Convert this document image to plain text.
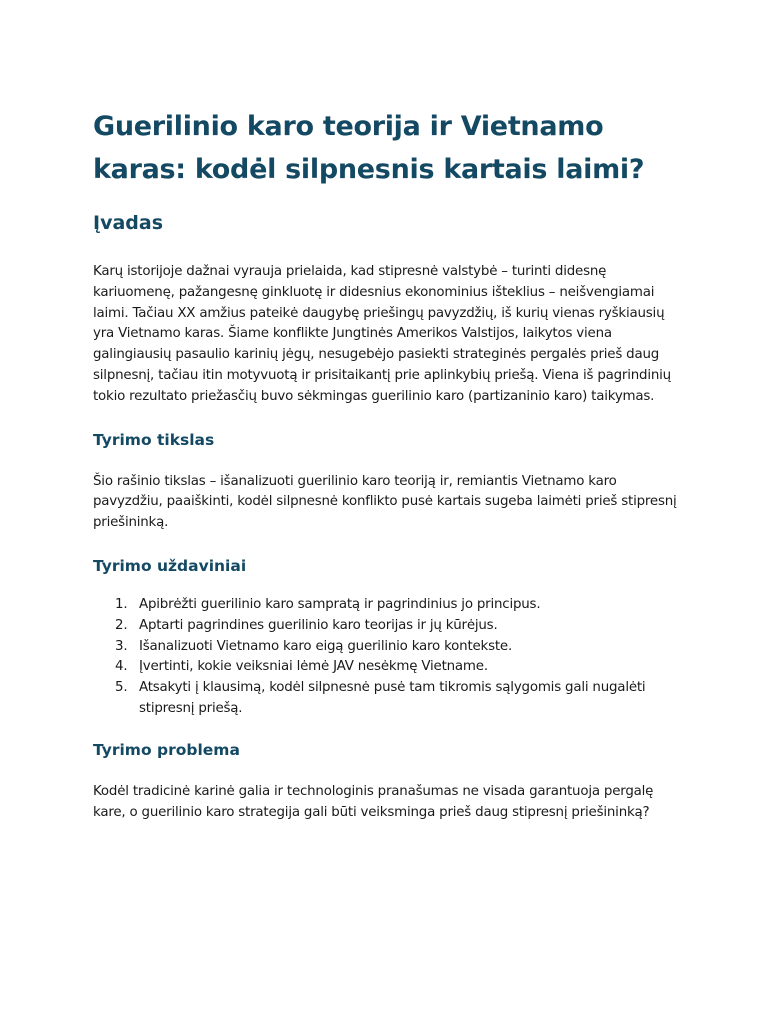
Guerilinio karo teorija ir Vietnamo karas: kodėl silpnesnis kartais laimi?
Įvadas

Karų istorijoje dažnai vyrauja prielaida, kad stipresnė valstybė – turinti didesnę kariuomenę, pažangesnę ginkluotę ir didesnius ekonominius išteklius – neišvengiamai laimi. Tačiau XX amžius pateikė daugybę priešingų pavyzdžių, iš kurių vienas ryškiausių yra Vietnamo karas. Šiame konflikte Jungtinės Amerikos Valstijos, laikytos viena galingiausių pasaulio karinių jėgų, nesugebėjo pasiekti strateginės pergalės prieš daug silpnesnį, tačiau itin motyvuotą ir prisitaikantį prie aplinkybių priešą. Viena iš pagrindinių tokio rezultato priežasčių buvo sėkmingas guerilinio karo (partizaninio karo) taikymas.

Tyrimo tikslas

Šio rašinio tikslas – išanalizuoti guerilinio karo teoriją ir, remiantis Vietnamo karo pavyzdžiu, paaiškinti, kodėl silpnesnė konflikto pusė kartais sugeba laimėti prieš stipresnį priešininką.

Tyrimo uždaviniai
1. Apibrėžti guerilinio karo sampratą ir pagrindinius jo principus.
2. Aptarti pagrindines guerilinio karo teorijas ir jų kūrėjus.
3. Išanalizuoti Vietnamo karo eigą guerilinio karo kontekste.
4. Įvertinti, kokie veiksniai lėmė JAV nesėkmę Vietname.
5. Atsakyti į klausimą, kodėl silpnesnė pusė tam tikromis sąlygomis gali nugalėti stipresnį priešą.
Tyrimo problema

Kodėl tradicinė karinė galia ir technologinis pranašumas ne visada garantuoja pergalę kare, o guerilinio karo strategija gali būti veiksminga prieš daug stipresnį priešininką?
